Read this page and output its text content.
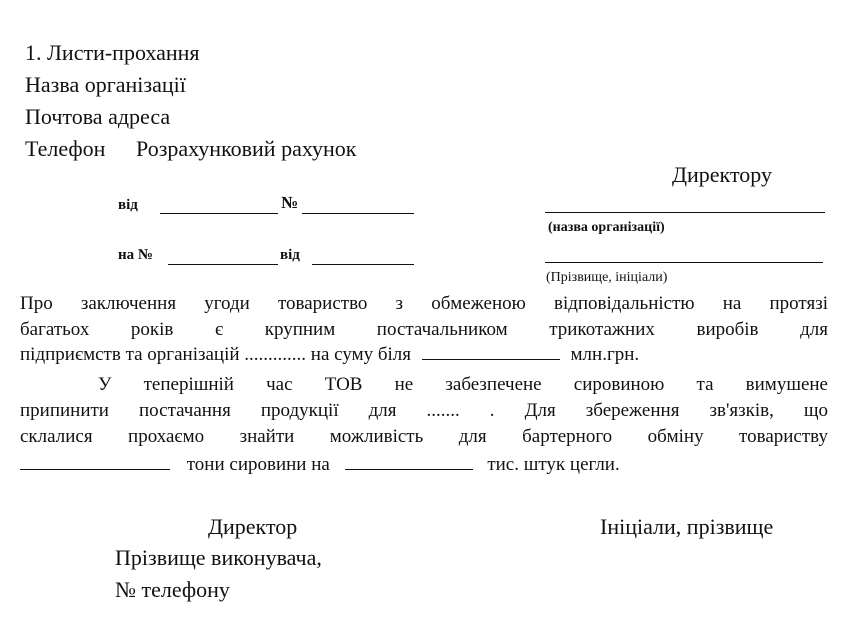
1. Листи-прохання
Назва організації
Почтова адреса
Телефон Розрахунковий рахунок
Директору
(назва організації)
(Прізвище, ініціали)
від	№
на №	від
Про заключення угоди товариство з обмеженою відповідальністю на протязі
багатьох років є крупним постачальником трикотажних виробів для
підприємств та організацій ............. на суму біля	млн.грн.
У теперішній час ТОВ не забезпечене сировиною та вимушене
припинити постачання продукції для ....... . Для збереження зв'язків, що
склалися прохаємо знайти можливість для бартерного обміну товариству
тони сировини на	тис. штук цегли.
Директор	Ініціали, прізвище
Прізвище виконувача,
№ телефону
